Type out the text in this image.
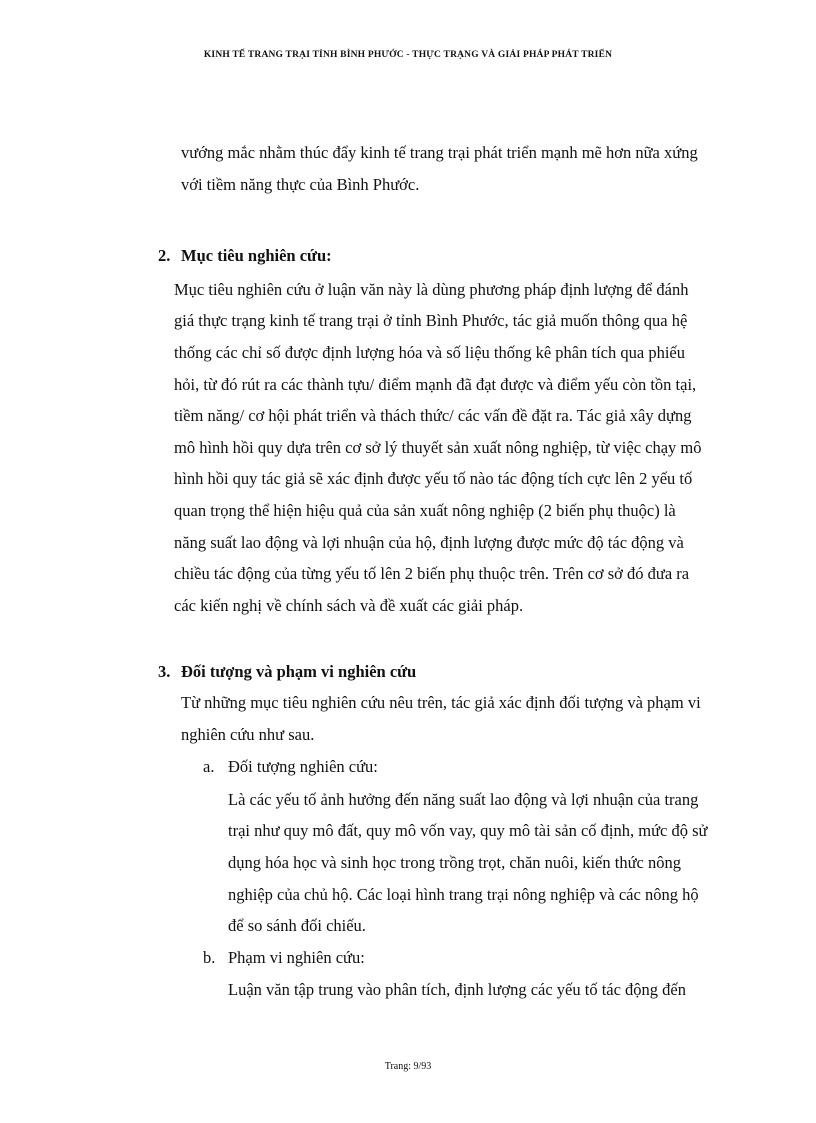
KINH TẾ TRANG TRẠI TỈNH BÌNH PHƯỚC - THỰC TRẠNG VÀ GIẢI PHÁP PHÁT TRIỂN
vướng mắc nhằm thúc đẩy kinh tế trang trại phát triển mạnh mẽ hơn nữa xứng
với tiềm năng thực của Bình Phước.
2. Mục tiêu nghiên cứu:
Mục tiêu nghiên cứu ở luận văn này là dùng phương pháp định lượng để đánh
giá thực trạng kinh tế trang trại ở tỉnh Bình Phước, tác giả muốn thông qua hệ
thống các chỉ số được định lượng hóa và số liệu thống kê phân tích qua phiếu
hỏi, từ đó rút ra các thành tựu/ điểm mạnh đã đạt được và điểm yếu còn tồn tại,
tiềm năng/ cơ hội phát triển và thách thức/ các vấn đề đặt ra. Tác giả xây dựng
mô hình hồi quy dựa trên cơ sở lý thuyết sản xuất nông nghiệp, từ việc chạy mô
hình hồi quy tác giả sẽ xác định được yếu tố nào tác động tích cực lên 2 yếu tố
quan trọng thể hiện hiệu quả của sản xuất nông nghiệp (2 biến phụ thuộc) là
năng suất lao động và lợi nhuận của hộ, định lượng được mức độ tác động và
chiều tác động của từng yếu tố lên 2 biến phụ thuộc trên. Trên cơ sở đó đưa ra
các kiến nghị về chính sách và đề xuất các giải pháp.
3. Đối tượng và phạm vi nghiên cứu
Từ những mục tiêu nghiên cứu nêu trên, tác giả xác định đối tượng và phạm vi
nghiên cứu như sau.
a. Đối tượng nghiên cứu:
Là các yếu tố ảnh hưởng đến năng suất lao động và lợi nhuận của trang
trại như quy mô đất, quy mô vốn vay, quy mô tài sản cố định, mức độ sử
dụng hóa học và sinh học trong trồng trọt, chăn nuôi, kiến thức nông
nghiệp của chủ hộ. Các loại hình trang trại nông nghiệp và các nông hộ
để so sánh đối chiếu.
b. Phạm vi nghiên cứu:
Luận văn tập trung vào phân tích, định lượng các yếu tố tác động đến
Trang: 9/93
